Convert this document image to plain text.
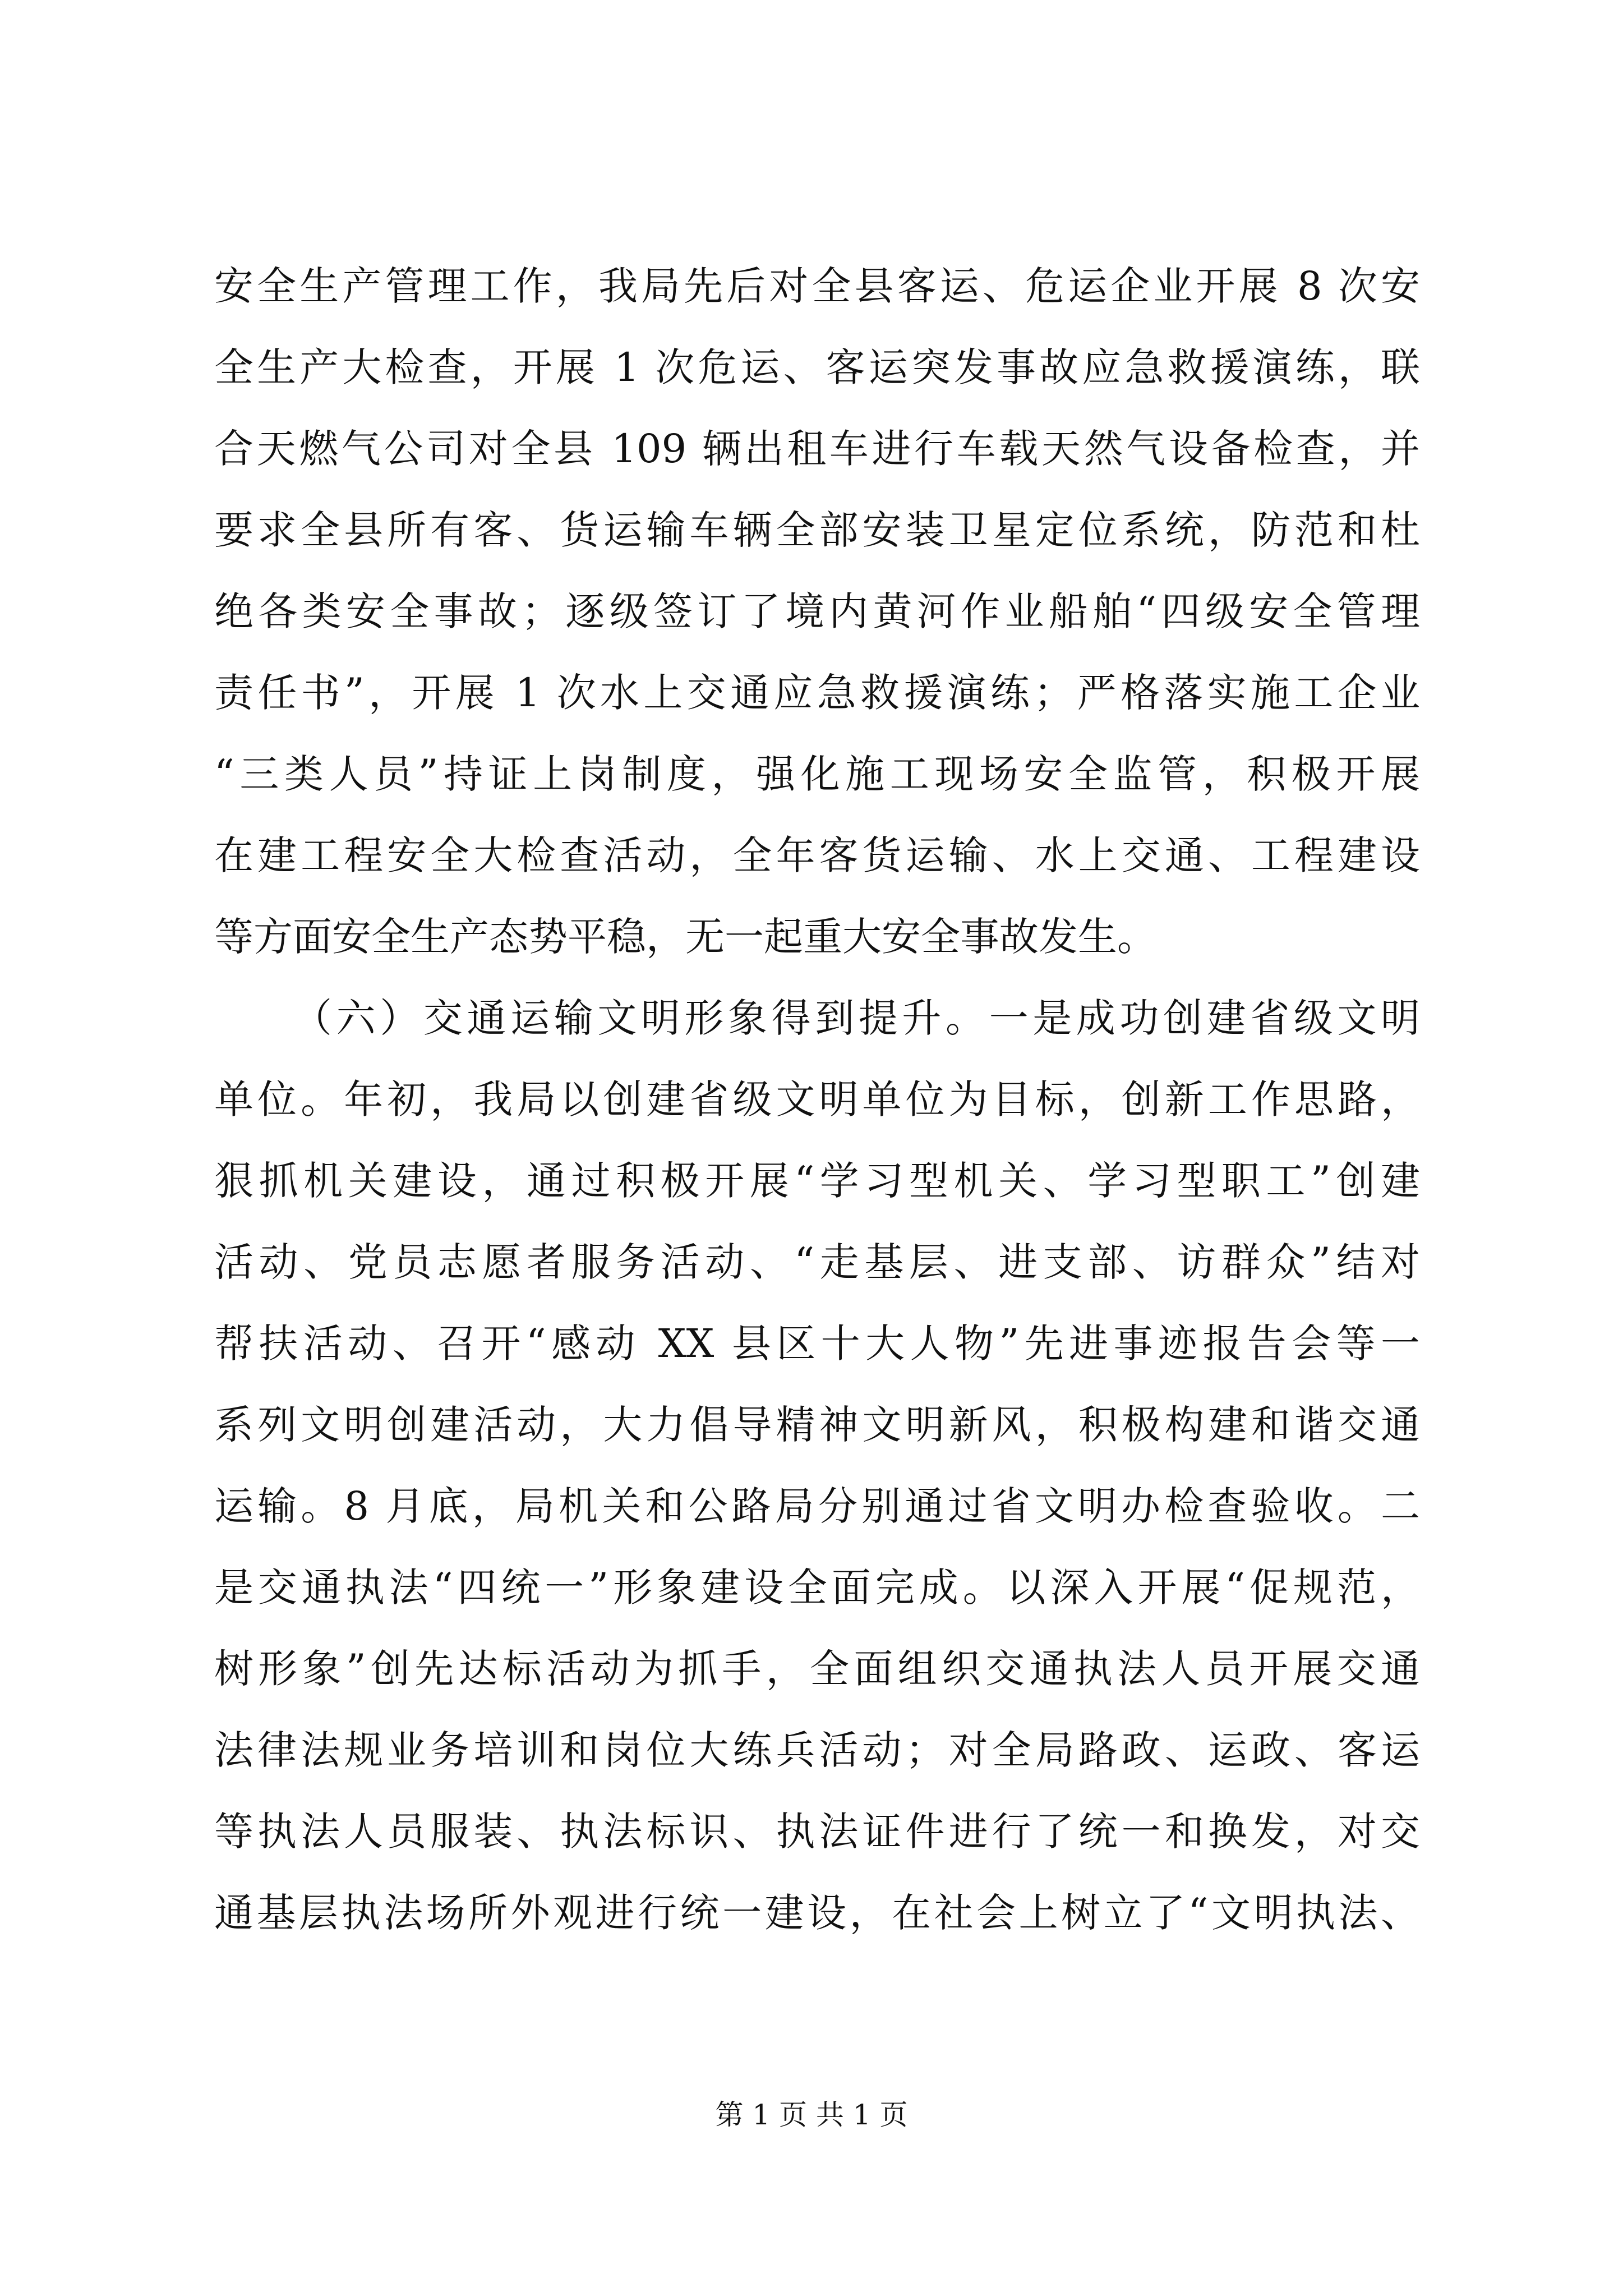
安全生产管理工作，我局先后对全县客运、危运企业开展 8 次安
全生产大检查，开展 1 次危运、客运突发事故应急救援演练，联
合天燃气公司对全县 109 辆出租车进行车载天然气设备检查，并
要求全县所有客、货运输车辆全部安装卫星定位系统，防范和杜
绝各类安全事故；逐级签订了境内黄河作业船舶“四级安全管理
责任书”，开展 1 次水上交通应急救援演练；严格落实施工企业
“三类人员”持证上岗制度，强化施工现场安全监管，积极开展
在建工程安全大检查活动，全年客货运输、水上交通、工程建设
等方面安全生产态势平稳，无一起重大安全事故发生。
（六）交通运输文明形象得到提升。一是成功创建省级文明
单位。年初，我局以创建省级文明单位为目标，创新工作思路，
狠抓机关建设，通过积极开展“学习型机关、学习型职工”创建
活动、党员志愿者服务活动、“走基层、进支部、访群众”结对
帮扶活动、召开“感动 XX 县区十大人物”先进事迹报告会等一
系列文明创建活动，大力倡导精神文明新风，积极构建和谐交通
运输。8 月底，局机关和公路局分别通过省文明办检查验收。二
是交通执法“四统一”形象建设全面完成。以深入开展“促规范，
树形象”创先达标活动为抓手，全面组织交通执法人员开展交通
法律法规业务培训和岗位大练兵活动；对全局路政、运政、客运
等执法人员服装、执法标识、执法证件进行了统一和换发，对交
通基层执法场所外观进行统一建设，在社会上树立了“文明执法、
第 1 页 共 1 页
